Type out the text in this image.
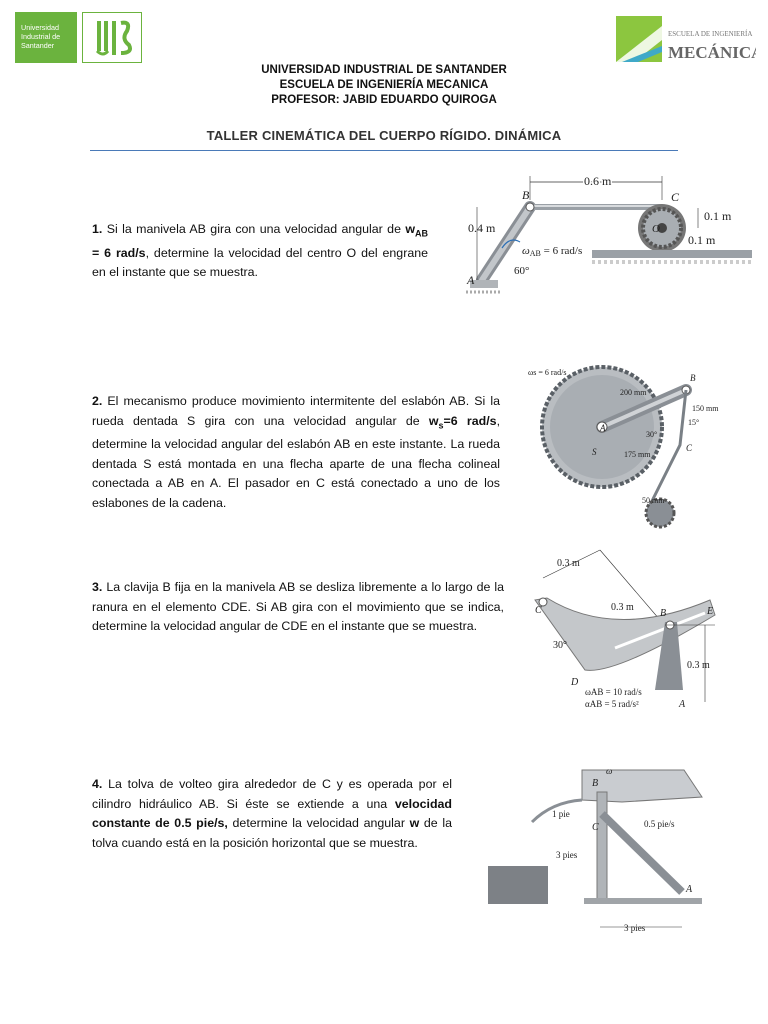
Universidad
Industrial de
Santander
ESCUELA DE INGENIERÍA
MECÁNICA
UNIVERSIDAD INDUSTRIAL DE SANTANDER
ESCUELA DE INGENIERÍA MECANICA
PROFESOR: JABID EDUARDO QUIROGA
TALLER CINEMÁTICA DEL CUERPO RÍGIDO. DINÁMICA
1. Si la manivela AB gira con una velocidad angular de $w_{AB} = 6$ rad/s, determine la velocidad del centro O del engrane en el instante que se muestra.
2. El mecanismo produce movimiento intermitente del eslabón AB. Si la rueda dentada S gira con una velocidad angular de $w_s=6$ rad/s, determine la velocidad angular del eslabón AB en este instante. La rueda dentada S está montada en una flecha aparte de una flecha colineal conectada a AB en A. El pasador en C está conectado a uno de los eslabones de la cadena.
3. La clavija B fija en la manivela AB se desliza libremente a lo largo de la ranura en el elemento CDE. Si AB gira con el movimiento que se indica, determine la velocidad angular de CDE en el instante que se muestra.
4. La tolva de volteo gira alrededor de C y es operada por el cilindro hidráulico AB. Si éste se extiende a una velocidad constante de 0.5 pie/s, determine la velocidad angular w de la tolva cuando está en la posición horizontal que se muestra.
0.6 m
0.4 m
0.1 m
0.1 m
ωAB = 6 rad/s
60°
A
B	C
O
ωs = 6 rad/s
200 mm
150 mm
15°
30°
175 mm
50 mm
A
B
C
S
0.3 m
0.3 m
0.3 m
30°
ωAB = 10 rad/s
αAB = 5 rad/s²
C	B	E
D
A
3 pies
3 pies
1 pie
0.5 pie/s
ω
B
C
A
